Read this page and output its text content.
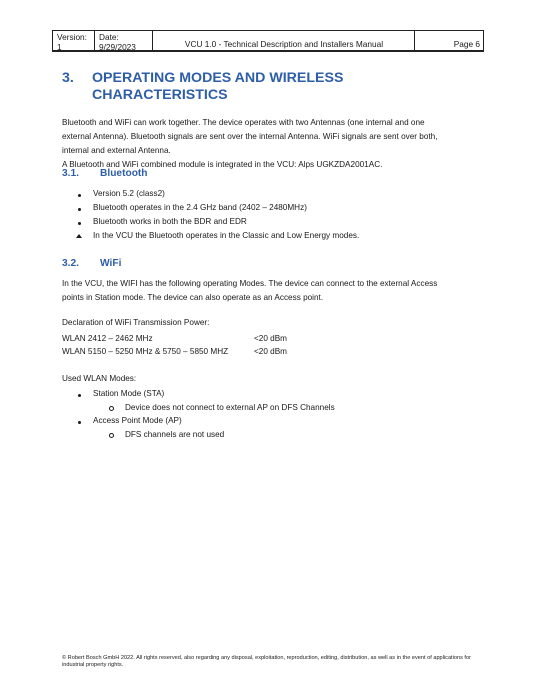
Version:
1
Date:
9/29/2023	VCU 1.0 - Technical Description and Installers Manual	Page 6
3. OPERATING MODES AND WIRELESS CHARACTERISTICS
Bluetooth and WiFi can work together. The device operates with two Antennas (one internal and one
external Antenna). Bluetooth signals are sent over the internal Antenna. WiFi signals are sent over both,
internal and external Antenna.
A Bluetooth and WiFi combined module is integrated in the VCU: Alps UGKZDA2001AC.
3.1. Bluetooth
Version 5.2 (class2)
Bluetooth operates in the 2.4 GHz band (2402 – 2480MHz)
Bluetooth works in both the BDR and EDR
In the VCU the Bluetooth operates in the Classic and Low Energy modes.
3.2. WiFi
In the VCU, the WIFI has the following operating Modes. The device can connect to the external Access
points in Station mode. The device can also operate as an Access point.
Declaration of WiFi Transmission Power:
WLAN 2412 – 2462 MHz	<20 dBm
WLAN 5150 – 5250 MHz & 5750 – 5850 MHZ	<20 dBm
Used WLAN Modes:
Station Mode (STA)
Device does not connect to external AP on DFS Channels
Access Point Mode (AP)
DFS channels are not used
© Robert Bosch GmbH 2022. All rights reserved, also regarding any disposal, exploitation, reproduction, editing, distribution, as well as in the event of applications for industrial property rights.
